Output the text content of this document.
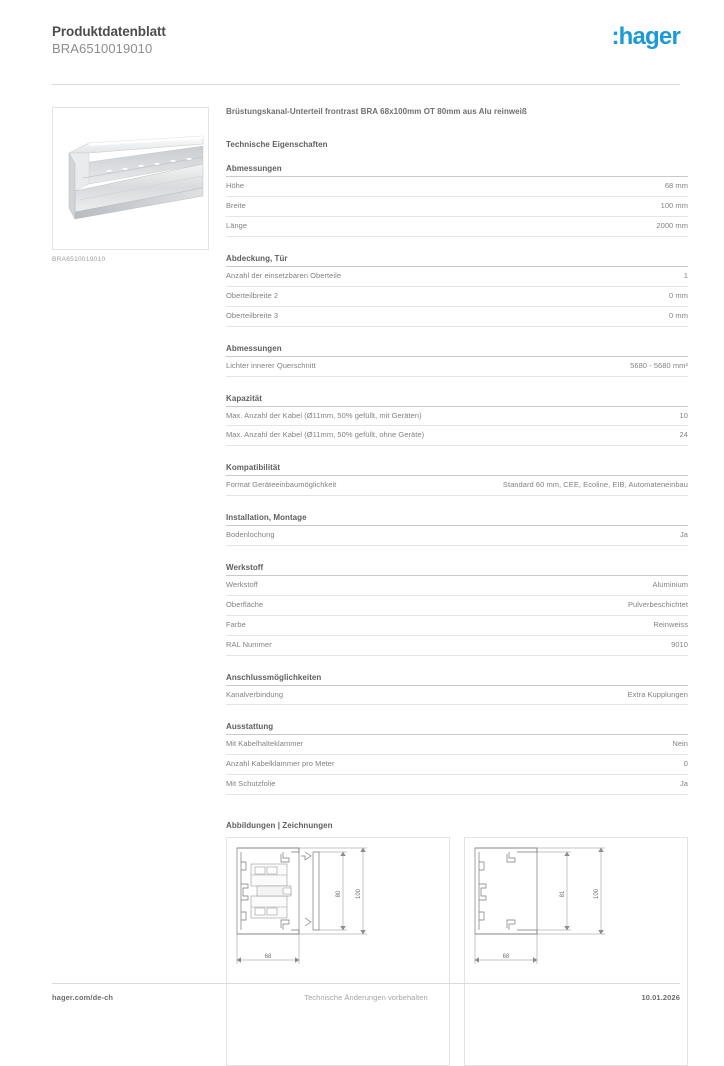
Produktdatenblatt
BRA6510019010	:hager
BRA6510019010
Brüstungskanal-Unterteil frontrast BRA 68x100mm OT 80mm aus Alu reinweiß
Technische Eigenschaften
Abmessungen
Höhe	68 mm
Breite	100 mm
Länge	2000 mm
Abdeckung, Tür
Anzahl der einsetzbaren Oberteile	1
Oberteilbreite 2	0 mm
Oberteilbreite 3	0 mm
Abmessungen
Lichter innerer Querschnitt	5680 - 5680 mm²
Kapazität
Max. Anzahl der Kabel (Ø11mm, 50% gefüllt, mit Geräten)	10
Max. Anzahl der Kabel (Ø11mm, 50% gefüllt, ohne Geräte)	24
Kompatibilität
Format Geräteeinbaumöglichkeit	Standard 60 mm, CEE, Ecoline, EIB, Automateneinbau
Installation, Montage
Bodenlochung	Ja
Werkstoff
Werkstoff	Aluminium
Oberfläche	Pulverbeschichtet
Farbe	Reinweiss
RAL Nummer	9010
Anschlussmöglichkeiten
Kanalverbindung	Extra Kupplungen
Ausstattung
Mit Kabelhalteklammer	Nein
Anzahl Kabelklammer pro Meter	0
Mit Schutzfolie	Ja
Abbildungen | Zeichnungen
80 100
68
81	100
68
hager.com/de-ch	Technische Änderungen vorbehalten	10.01.2026
